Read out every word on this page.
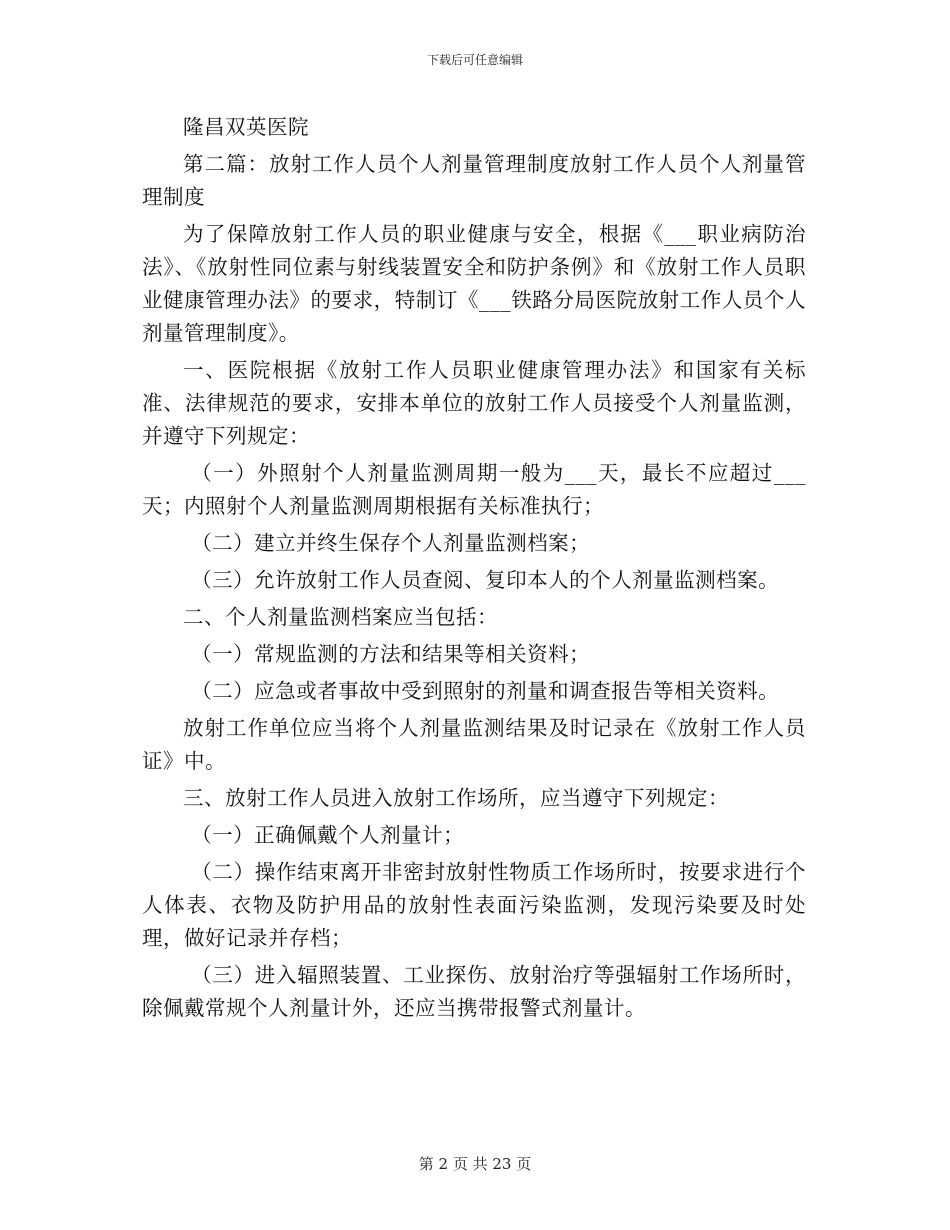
下载后可任意编辑

隆昌双英医院

第二篇：放射工作人员个人剂量管理制度放射工作人员个人剂量管理制度

为了保障放射工作人员的职业健康与安全，根据《___职业病防治法》、《放射性同位素与射线装置安全和防护条例》和《放射工作人员职业健康管理办法》的要求，特制订《___铁路分局医院放射工作人员个人剂量管理制度》。

一、医院根据《放射工作人员职业健康管理办法》和国家有关标准、法律规范的要求，安排本单位的放射工作人员接受个人剂量监测，并遵守下列规定：

（一）外照射个人剂量监测周期一般为___天，最长不应超过___天；内照射个人剂量监测周期根据有关标准执行；

（二）建立并终生保存个人剂量监测档案；

（三）允许放射工作人员查阅、复印本人的个人剂量监测档案。

二、个人剂量监测档案应当包括：

（一）常规监测的方法和结果等相关资料；

（二）应急或者事故中受到照射的剂量和调查报告等相关资料。

放射工作单位应当将个人剂量监测结果及时记录在《放射工作人员证》中。

三、放射工作人员进入放射工作场所，应当遵守下列规定：

（一）正确佩戴个人剂量计；

（二）操作结束离开非密封放射性物质工作场所时，按要求进行个人体表、衣物及防护用品的放射性表面污染监测，发现污染要及时处理，做好记录并存档；

（三）进入辐照装置、工业探伤、放射治疗等强辐射工作场所时，除佩戴常规个人剂量计外，还应当携带报警式剂量计。

第 2 页 共 23 页
